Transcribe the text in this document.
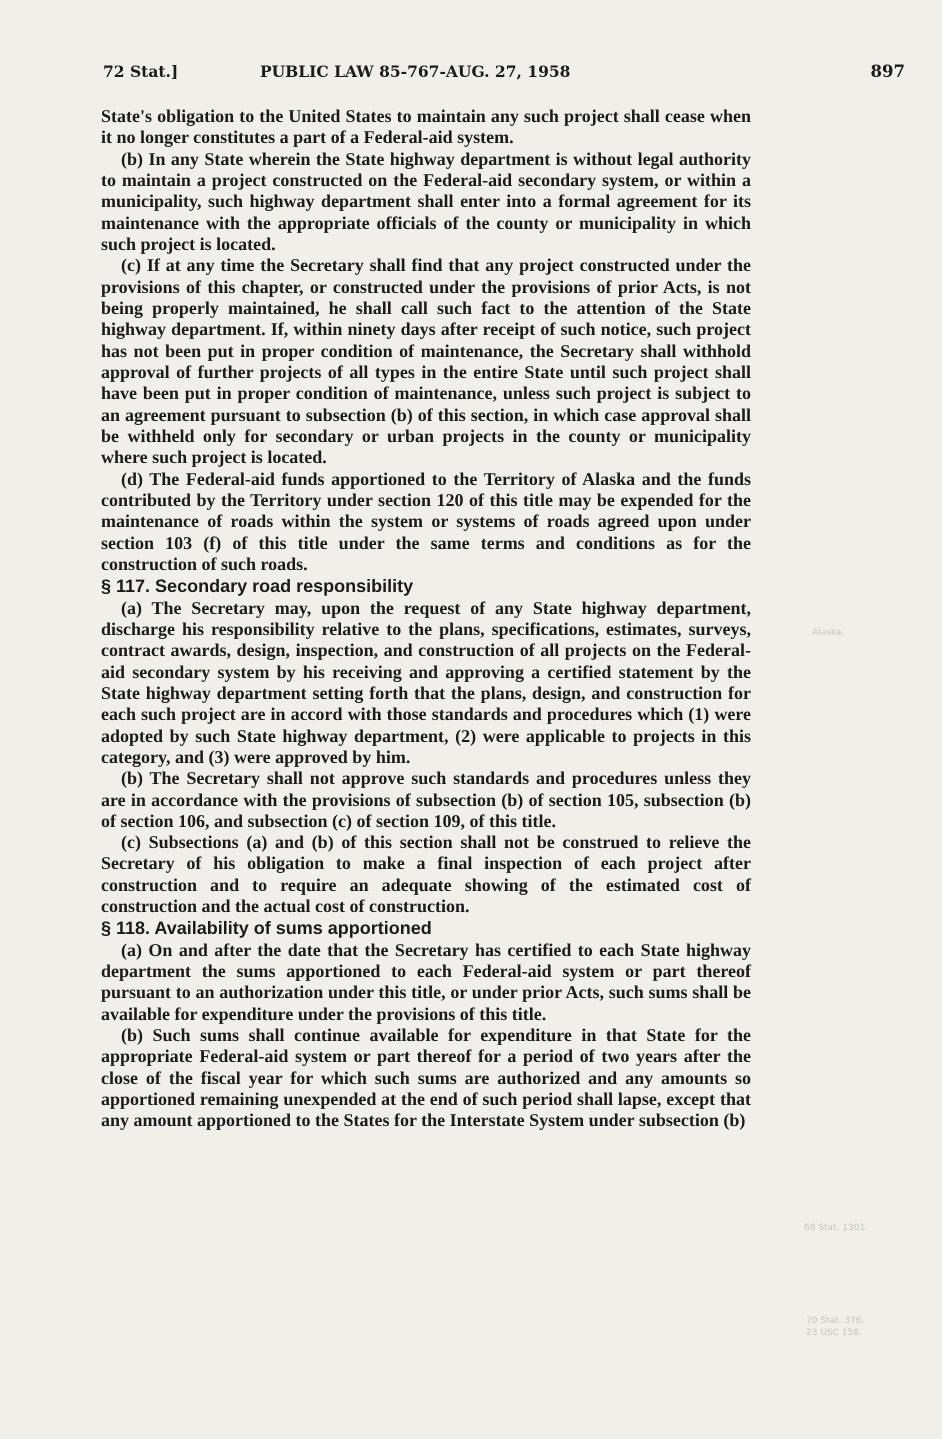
72 Stat.]	PUBLIC LAW 85-767-AUG. 27, 1958	897

State's obligation to the United States to maintain any such project shall cease when it no longer constitutes a part of a Federal-aid system.

(b) In any State wherein the State highway department is without legal authority to maintain a project constructed on the Federal-aid secondary system, or within a municipality, such highway department shall enter into a formal agreement for its maintenance with the appropriate officials of the county or municipality in which such project is located.

(c) If at any time the Secretary shall find that any project constructed under the provisions of this chapter, or constructed under the provisions of prior Acts, is not being properly maintained, he shall call such fact to the attention of the State highway department. If, within ninety days after receipt of such notice, such project has not been put in proper condition of maintenance, the Secretary shall withhold approval of further projects of all types in the entire State until such project shall have been put in proper condition of maintenance, unless such project is subject to an agreement pursuant to subsection (b) of this section, in which case approval shall be withheld only for secondary or urban projects in the county or municipality where such project is located.

(d) The Federal-aid funds apportioned to the Territory of Alaska and the funds contributed by the Territory under section 120 of this title may be expended for the maintenance of roads within the system or systems of roads agreed upon under section 103 (f) of this title under the same terms and conditions as for the construction of such roads.

§ 117. Secondary road responsibility

(a) The Secretary may, upon the request of any State highway department, discharge his responsibility relative to the plans, specifications, estimates, surveys, contract awards, design, inspection, and construction of all projects on the Federal-aid secondary system by his receiving and approving a certified statement by the State highway department setting forth that the plans, design, and construction for each such project are in accord with those standards and procedures which (1) were adopted by such State highway department, (2) were applicable to projects in this category, and (3) were approved by him.

(b) The Secretary shall not approve such standards and procedures unless they are in accordance with the provisions of subsection (b) of section 105, subsection (b) of section 106, and subsection (c) of section 109, of this title.

(c) Subsections (a) and (b) of this section shall not be construed to relieve the Secretary of his obligation to make a final inspection of each project after construction and to require an adequate showing of the estimated cost of construction and the actual cost of construction.

§ 118. Availability of sums apportioned

(a) On and after the date that the Secretary has certified to each State highway department the sums apportioned to each Federal-aid system or part thereof pursuant to an authorization under this title, or under prior Acts, such sums shall be available for expenditure under the provisions of this title.

(b) Such sums shall continue available for expenditure in that State for the appropriate Federal-aid system or part thereof for a period of two years after the close of the fiscal year for which such sums are authorized and any amounts so apportioned remaining unexpended at the end of such period shall lapse, except that any amount apportioned to the States for the Interstate System under subsection (b)

Alaska.
68 Stat. 1301.
70 Stat. 376.
23 USC 158.
